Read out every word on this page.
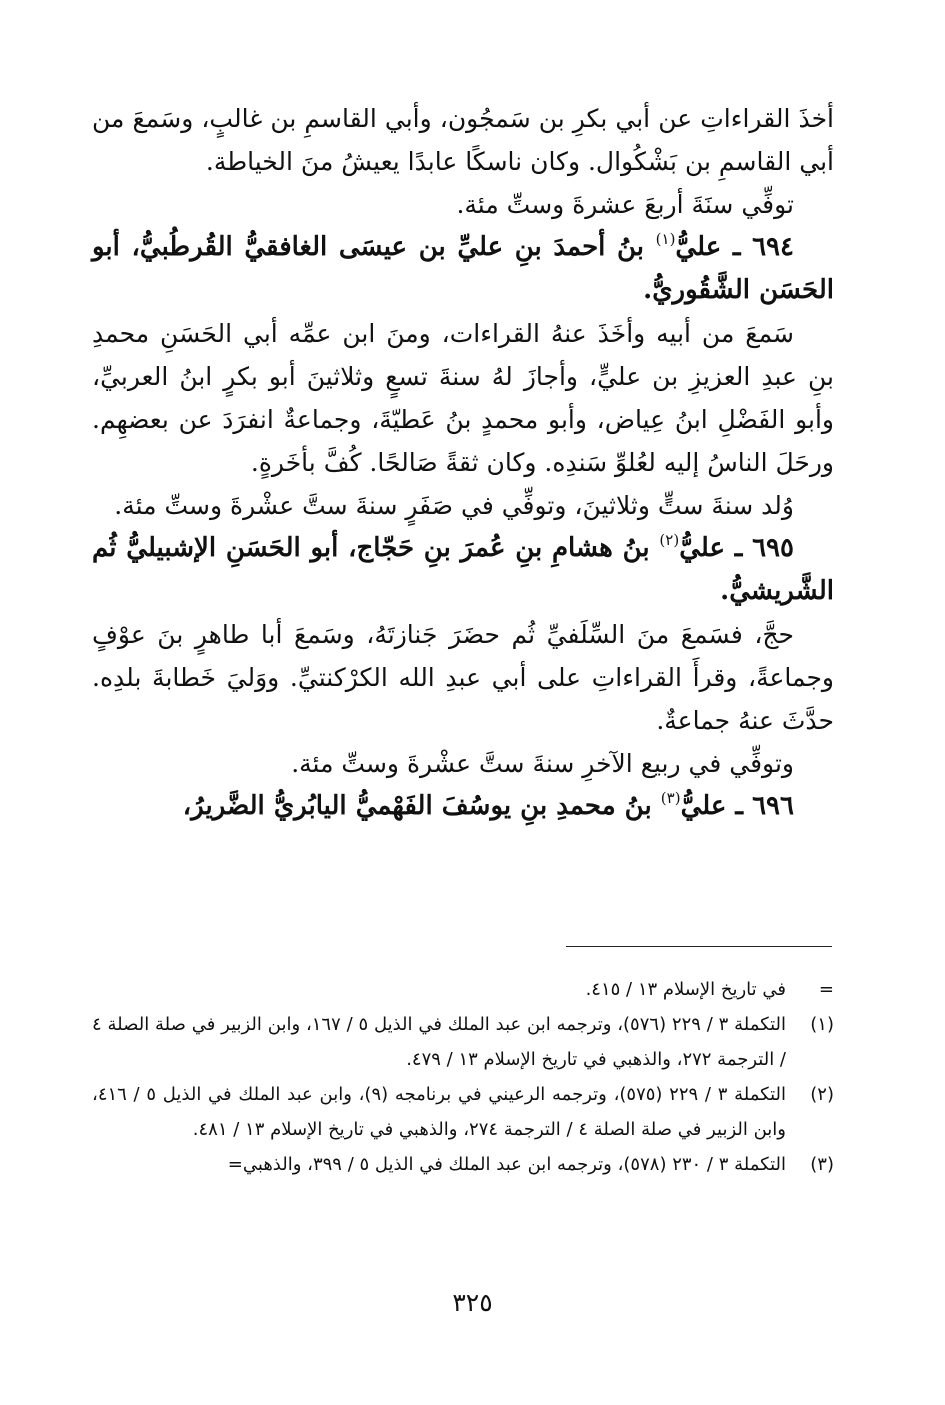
أخذَ القراءاتِ عن أبي بكرِ بن سَمجُون، وأبي القاسمِ بن غالبٍ، وسَمعَ من أبي القاسمِ بن بَشْكُوال. وكان ناسكًا عابدًا يعيشُ منَ الخياطة.

توفِّي سنَةَ أربعَ عشرةَ وستِّ مئة.

٦٩٤ ـ عليُّ$^{(١)}$ بنُ أحمدَ بنِ عليِّ بن عيسَى الغافقيُّ القُرطُبيُّ، أبو الحَسَن الشَّقُوريُّ.

سَمعَ من أبيه وأخَذَ عنهُ القراءات، ومنَ ابن عمِّه أبي الحَسَنِ محمدِ بنِ عبدِ العزيزِ بن عليٍّ، وأجازَ لهُ سنةَ تسعٍ وثلاثينَ أبو بكرٍ ابنُ العربيِّ، وأبو الفَضْلِ ابنُ عِياض، وأبو محمدٍ بنُ عَطيّةَ، وجماعةٌ انفرَدَ عن بعضهِم. ورحَلَ الناسُ إليه لعُلوِّ سَندِه. وكان ثقةً صَالحًا. كُفَّ بأخَرةٍ.

وُلد سنةَ ستٍّ وثلاثينَ، وتوفِّي في صَفَرٍ سنةَ ستَّ عشْرةَ وستِّ مئة.

٦٩٥ ـ عليُّ$^{(٢)}$ بنُ هشامِ بنِ عُمرَ بنِ حَجّاج، أبو الحَسَنِ الإشبيليُّ ثُم الشَّريشيُّ.

حجَّ، فسَمعَ منَ السِّلَفيِّ ثُم حضَرَ جَنازتَهُ، وسَمعَ أبا طاهرٍ بنَ عوْفٍ وجماعةً، وقرأَ القراءاتِ على أبي عبدِ الله الكرْكنتيِّ. ووَليَ خَطابةَ بلدِه. حدَّثَ عنهُ جماعةٌ.

وتوفِّي في ربيع الآخرِ سنةَ ستَّ عشْرةَ وستِّ مئة.

٦٩٦ ـ عليُّ$^{(٣)}$ بنُ محمدِ بنِ يوسُفَ الفَهْميُّ اليابُريُّ الضَّريرُ،

=
في تاريخ الإسلام ١٣ / ٤١٥.

(١)
التكملة ٣ / ٢٢٩ (٥٧٦)، وترجمه ابن عبد الملك في الذيل ٥ / ١٦٧، وابن الزبير في صلة الصلة ٤ / الترجمة ٢٧٢، والذهبي في تاريخ الإسلام ١٣ / ٤٧٩.

(٢)
التكملة ٣ / ٢٢٩ (٥٧٥)، وترجمه الرعيني في برنامجه (٩)، وابن عبد الملك في الذيل ٥ / ٤١٦، وابن الزبير في صلة الصلة ٤ / الترجمة ٢٧٤، والذهبي في تاريخ الإسلام ١٣ / ٤٨١.

(٣)
التكملة ٣ / ٢٣٠ (٥٧٨)، وترجمه ابن عبد الملك في الذيل ٥ / ٣٩٩، والذهبي=

٣٢٥
